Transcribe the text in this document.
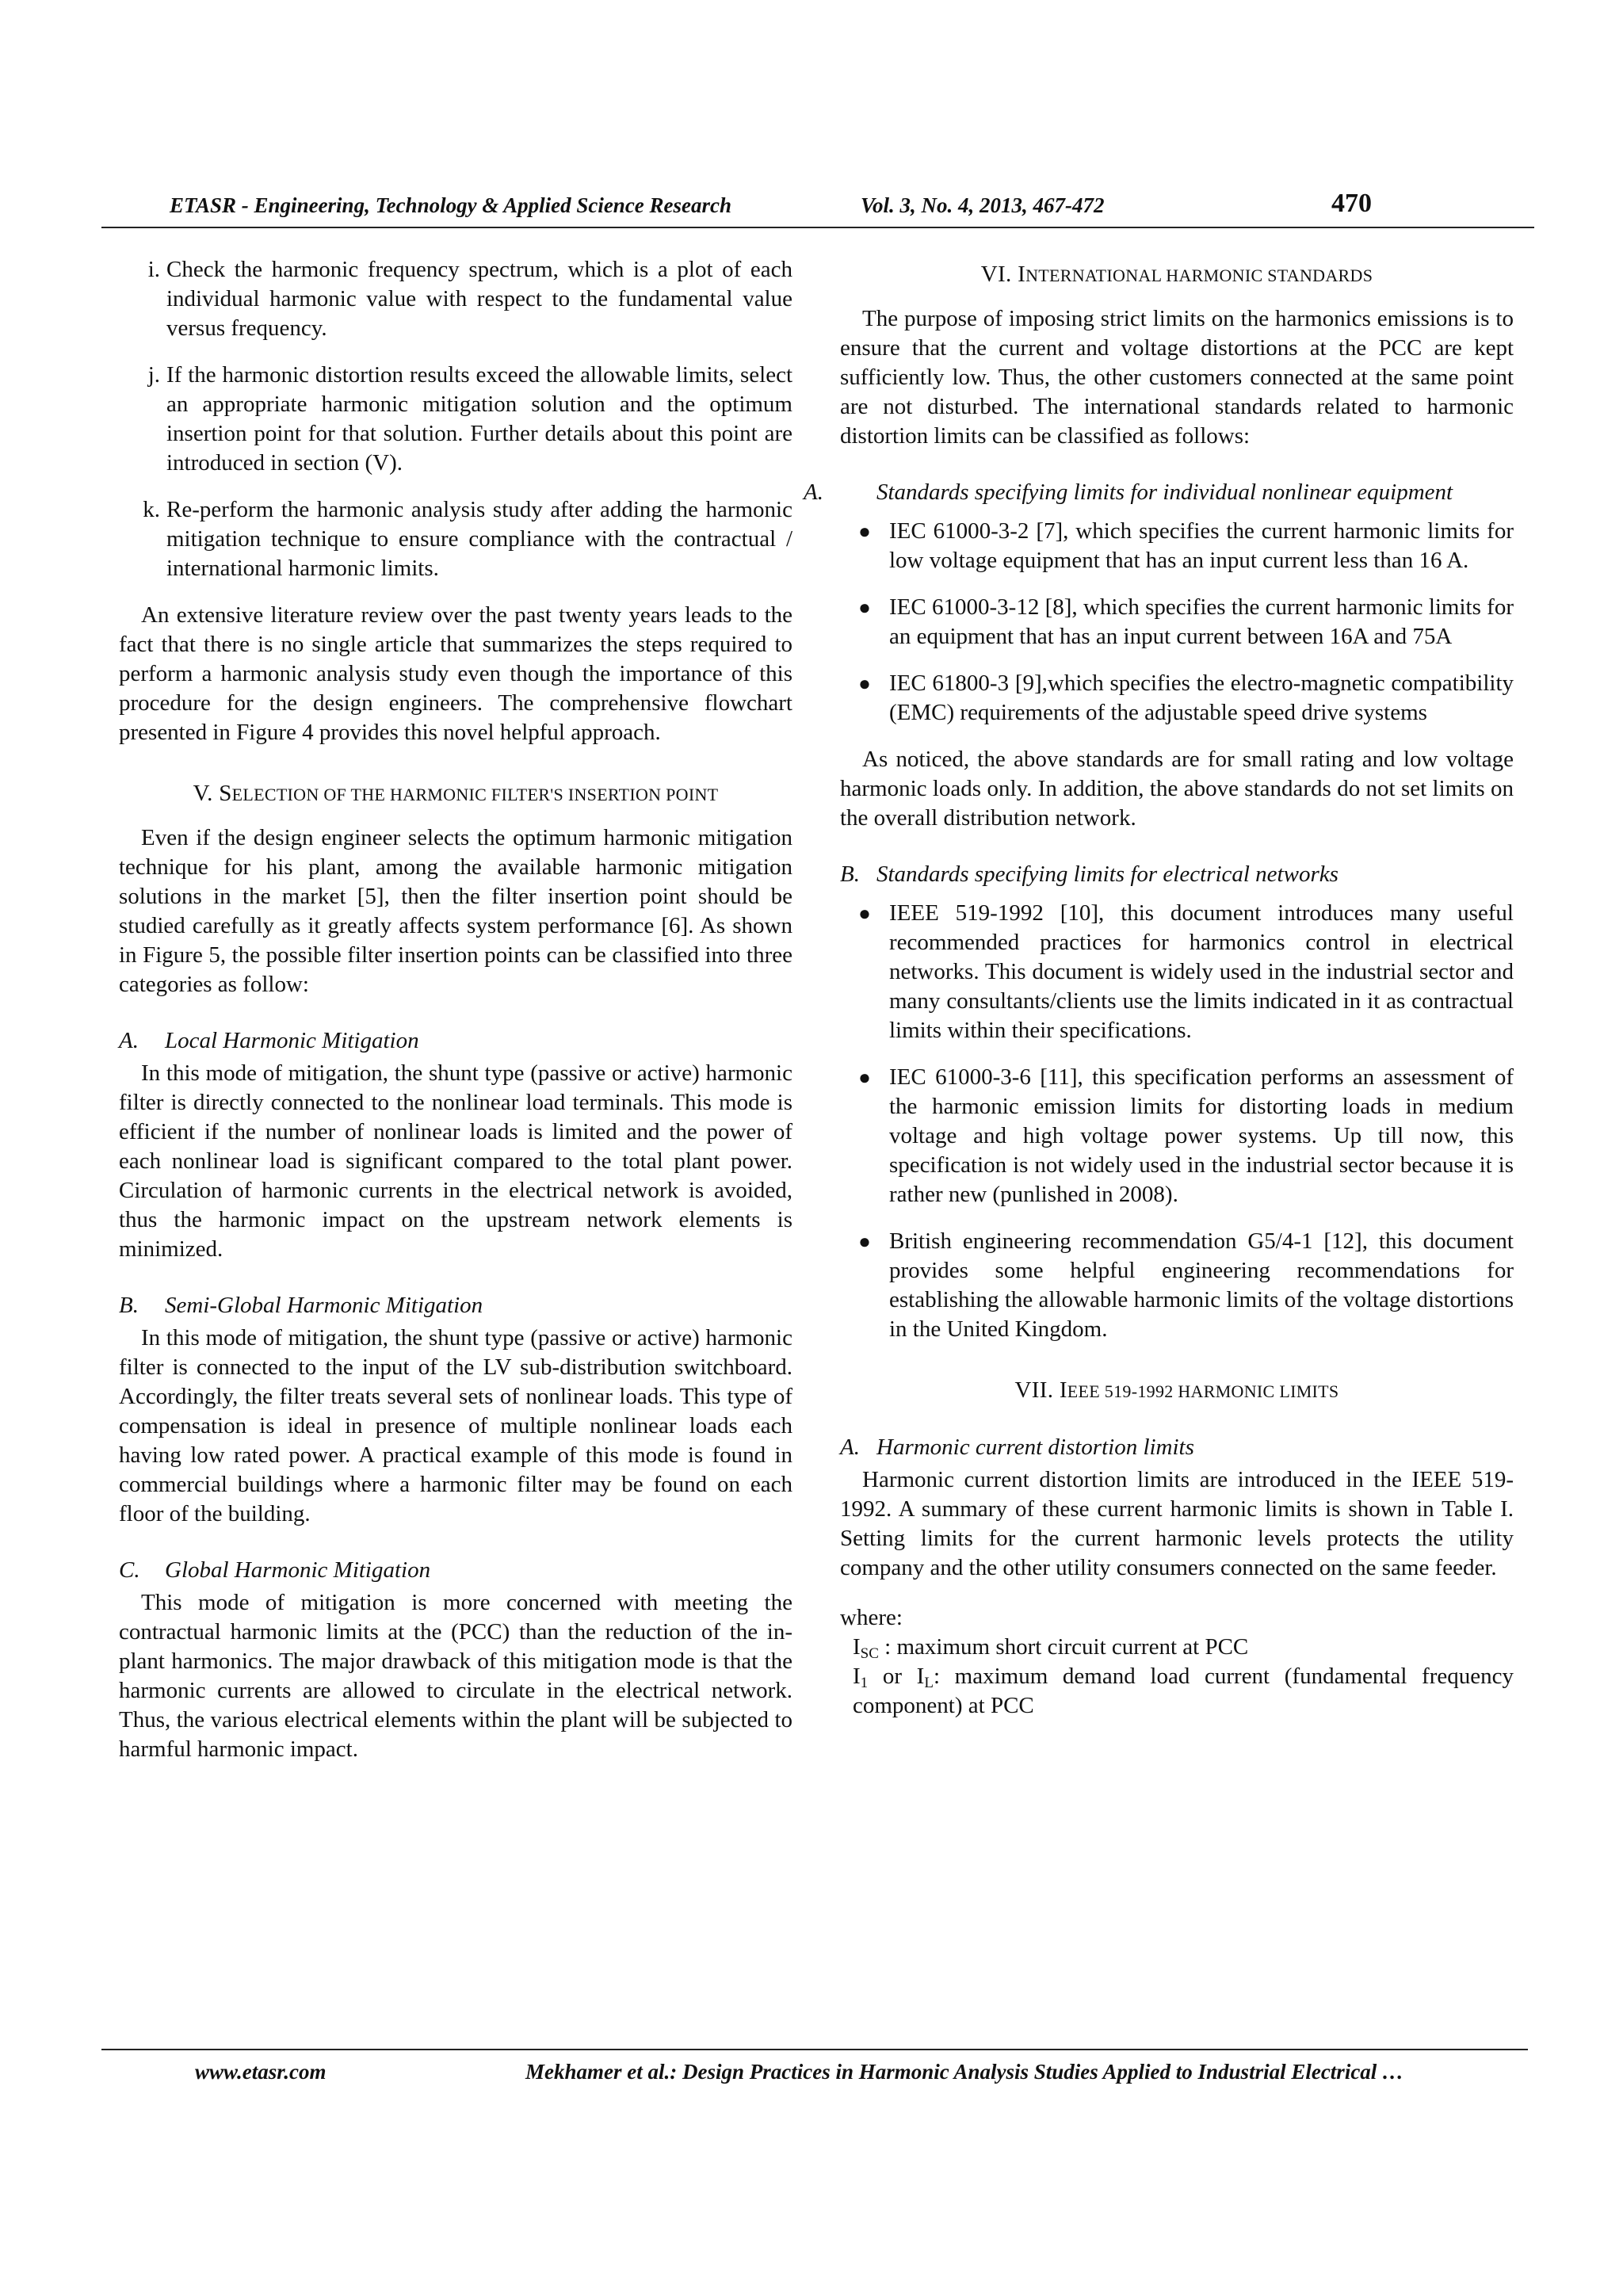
ETASR - Engineering, Technology & Applied Science Research	Vol. 3, No. 4, 2013, 467-472	470
i. Check the harmonic frequency spectrum, which is a plot of each individual harmonic value with respect to the fundamental value versus frequency.
j. If the harmonic distortion results exceed the allowable limits, select an appropriate harmonic mitigation solution and the optimum insertion point for that solution. Further details about this point are introduced in section (V).
k. Re-perform the harmonic analysis study after adding the harmonic mitigation technique to ensure compliance with the contractual / international harmonic limits.

An extensive literature review over the past twenty years leads to the fact that there is no single article that summarizes the steps required to perform a harmonic analysis study even though the importance of this procedure for the design engineers. The comprehensive flowchart presented in Figure 4 provides this novel helpful approach.

V. SELECTION OF THE HARMONIC FILTER'S INSERTION POINT

Even if the design engineer selects the optimum harmonic mitigation technique for his plant, among the available harmonic mitigation solutions in the market [5], then the filter insertion point should be studied carefully as it greatly affects system performance [6]. As shown in Figure 5, the possible filter insertion points can be classified into three categories as follow:

A. Local Harmonic Mitigation

In this mode of mitigation, the shunt type (passive or active) harmonic filter is directly connected to the nonlinear load terminals. This mode is efficient if the number of nonlinear loads is limited and the power of each nonlinear load is significant compared to the total plant power. Circulation of harmonic currents in the electrical network is avoided, thus the harmonic impact on the upstream network elements is minimized.

B. Semi-Global Harmonic Mitigation

In this mode of mitigation, the shunt type (passive or active) harmonic filter is connected to the input of the LV sub-distribution switchboard. Accordingly, the filter treats several sets of nonlinear loads. This type of compensation is ideal in presence of multiple nonlinear loads each having low rated power. A practical example of this mode is found in commercial buildings where a harmonic filter may be found on each floor of the building.

C. Global Harmonic Mitigation

This mode of mitigation is more concerned with meeting the contractual harmonic limits at the (PCC) than the reduction of the in-plant harmonics. The major drawback of this mitigation mode is that the harmonic currents are allowed to circulate in the electrical network. Thus, the various electrical elements within the plant will be subjected to harmful harmonic impact.

VI. INTERNATIONAL HARMONIC STANDARDS

The purpose of imposing strict limits on the harmonics emissions is to ensure that the current and voltage distortions at the PCC are kept sufficiently low. Thus, the other customers connected at the same point are not disturbed. The international standards related to harmonic distortion limits can be classified as follows:

A. Standards specifying limits for individual nonlinear equipment
● IEC 61000-3-2 [7], which specifies the current harmonic limits for low voltage equipment that has an input current less than 16 A.
● IEC 61000-3-12 [8], which specifies the current harmonic limits for an equipment that has an input current between 16A and 75A
● IEC 61800-3 [9],which specifies the electro-magnetic compatibility (EMC) requirements of the adjustable speed drive systems

As noticed, the above standards are for small rating and low voltage harmonic loads only. In addition, the above standards do not set limits on the overall distribution network.

B. Standards specifying limits for electrical networks
● IEEE 519-1992 [10], this document introduces many useful recommended practices for harmonics control in electrical networks. This document is widely used in the industrial sector and many consultants/clients use the limits indicated in it as contractual limits within their specifications.
● IEC 61000-3-6 [11], this specification performs an assessment of the harmonic emission limits for distorting loads in medium voltage and high voltage power systems. Up till now, this specification is not widely used in the industrial sector because it is rather new (punlished in 2008).
● British engineering recommendation G5/4-1 [12], this document provides some helpful engineering recommendations for establishing the allowable harmonic limits of the voltage distortions in the United Kingdom.
VII. IEEE 519-1992 HARMONIC LIMITS
A. Harmonic current distortion limits

Harmonic current distortion limits are introduced in the IEEE 519-1992. A summary of these current harmonic limits is shown in Table I. Setting limits for the current harmonic levels protects the utility company and the other utility consumers connected on the same feeder.

where:

$I_{SC}$ : maximum short circuit current at PCC

$I_1$ or $I_L$: maximum demand load current (fundamental frequency component) at PCC

www.etasr.com	Mekhamer et al.: Design Practices in Harmonic Analysis Studies Applied to Industrial Electrical …
